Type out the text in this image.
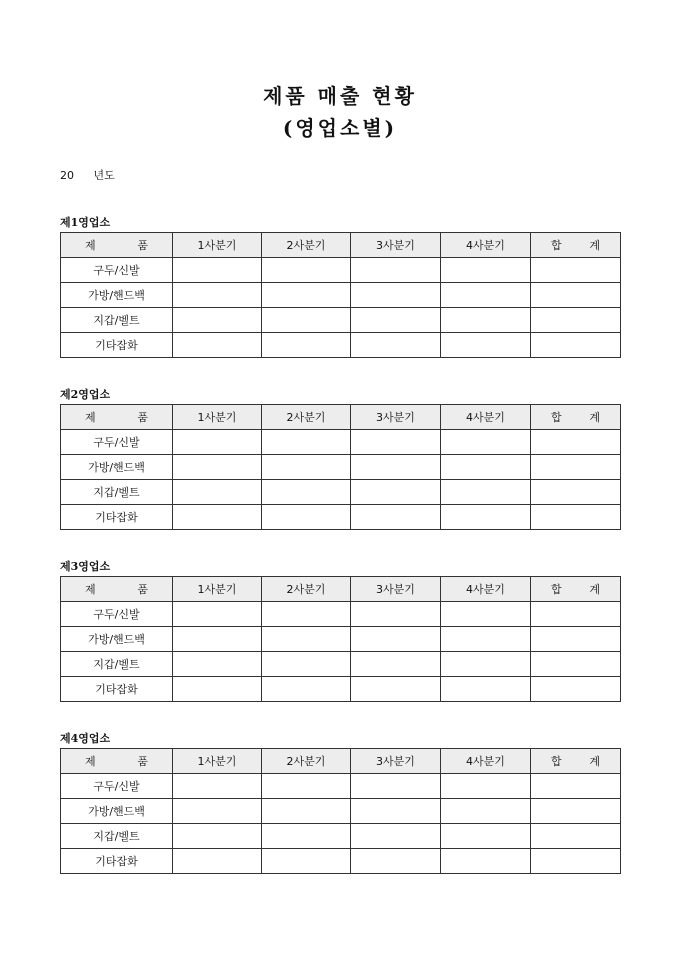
제품 매출 현황
(영업소별)
20 년도
제1영업소
제 품	1사분기	2사분기	3사분기	4사분기	합 계

구두/신발					
가방/핸드백					
지갑/벨트					
기타잡화					
제2영업소
제 품	1사분기	2사분기	3사분기	4사분기	합 계

구두/신발					
가방/핸드백					
지갑/벨트					
기타잡화					
제3영업소
제 품	1사분기	2사분기	3사분기	4사분기	합 계

구두/신발					
가방/핸드백					
지갑/벨트					
기타잡화					
제4영업소
제 품	1사분기	2사분기	3사분기	4사분기	합 계

구두/신발					
가방/핸드백					
지갑/벨트					
기타잡화					
